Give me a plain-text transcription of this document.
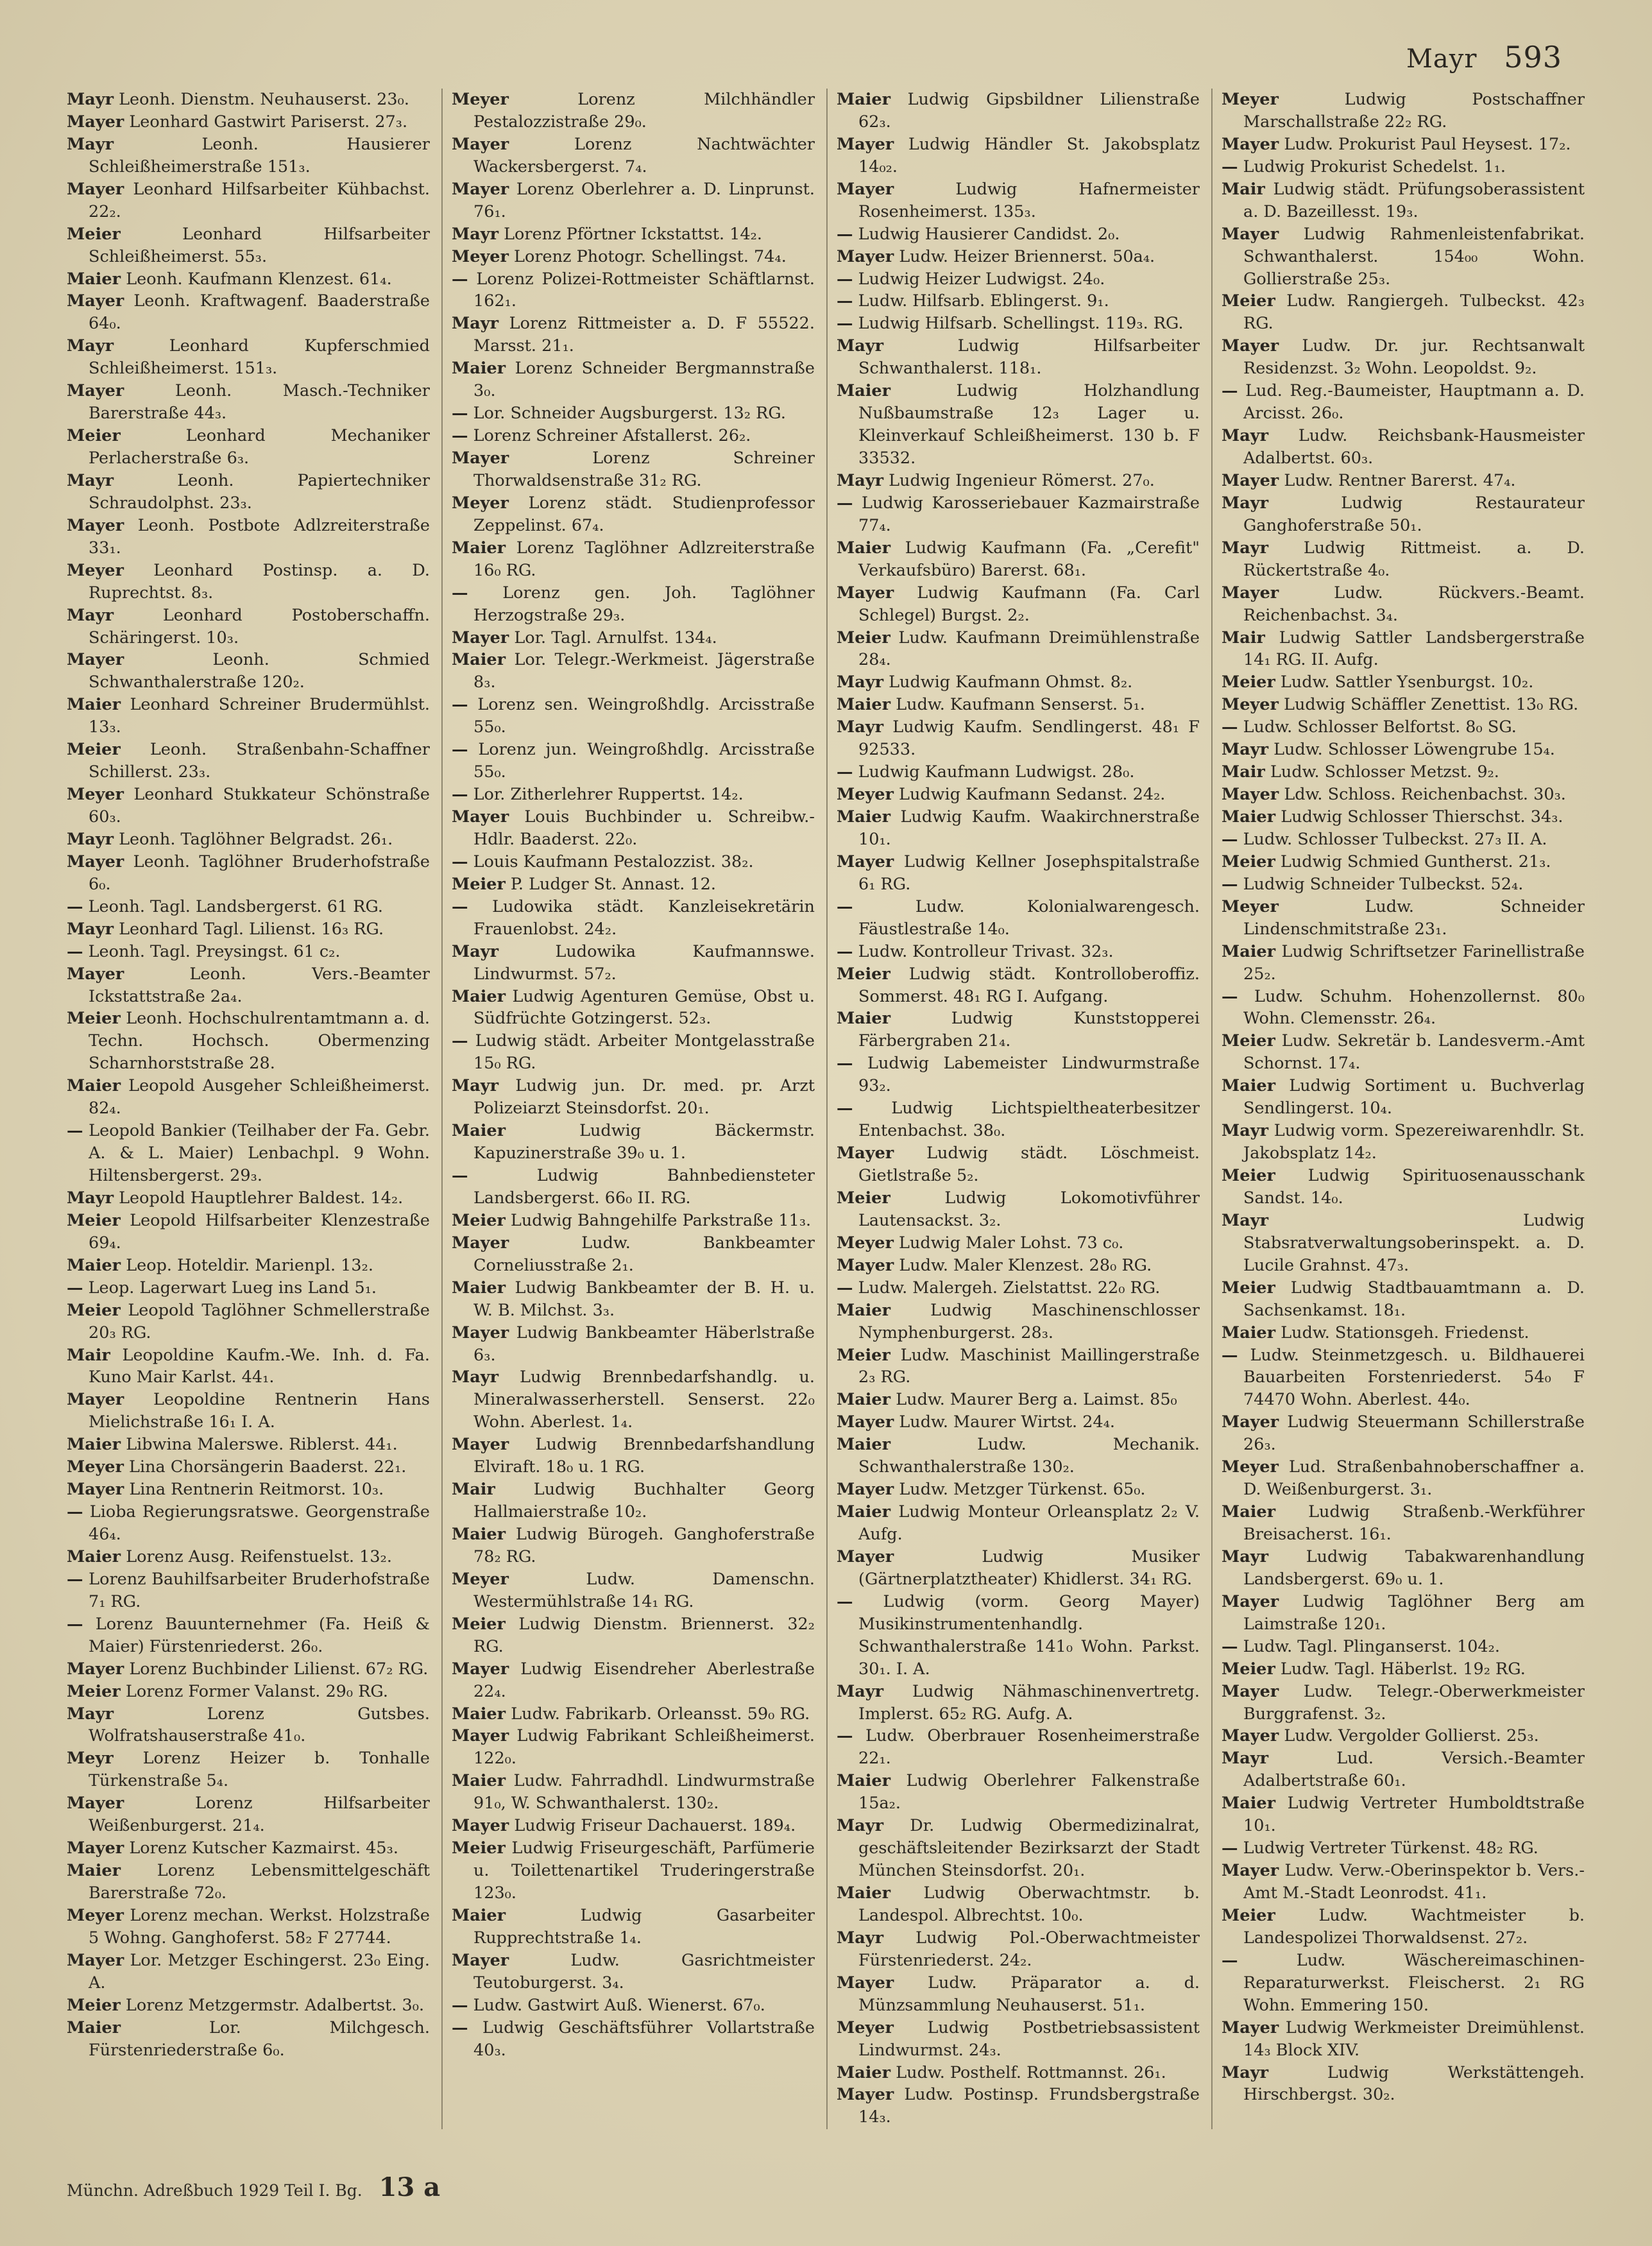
Mayr 593

Mayr Leonh. Dienstm. Neuhauserst. 23₀.

Mayer Leonhard Gastwirt Pariserst. 27₃.

Mayr	Leonh. Hausierer Schleißheimerstraße 151₃.

Mayer Leonhard Hilfsarbeiter Kühbachst. 22₂.

Meier	Leonhard Hilfsarbeiter Schleißheimerst. 55₃.

Maier Leonh. Kaufmann Klenzest. 61₄.

Mayer Leonh. Kraftwagenf. Baaderstraße 64₀.

Mayr	Leonhard Kupferschmied Schleißheimerst. 151₃.

Mayer	Leonh. Masch.-Techniker Barerstraße 44₃.

Meier	Leonhard Mechaniker Perlacherstraße 6₃.

Mayr	Leonh. Papiertechniker Schraudolphst. 23₃.

Mayer Leonh. Postbote Adlzreiterstraße 33₁.

Meyer Leonhard Postinsp. a. D. Ruprechtst. 8₃.

Mayr	Leonhard Postoberschaffn. Schäringerst. 10₃.

Mayer	Leonh. Schmied Schwanthalerstraße 120₂.

Maier Leonhard Schreiner Brudermühlst. 13₃.

Meier Leonh. Straßenbahn-Schaffner Schillerst. 23₃.

Meyer Leonhard Stukkateur Schönstraße 60₃.

Mayr Leonh. Taglöhner Belgradst. 26₁.

Mayer Leonh. Taglöhner Bruderhofstraße 6₀.

— Leonh. Tagl. Landsbergerst. 61 RG.

Mayr Leonhard Tagl. Lilienst. 16₃ RG.

— Leonh. Tagl. Preysingst. 61 c₂.

Mayer	Leonh. Vers.-Beamter Ickstattstraße 2a₄.

Meier Leonh. Hochschulrentamtmann a. d. Techn. Hochsch. Obermenzing Scharnhorststraße 28.

Maier Leopold Ausgeher Schleißheimerst. 82₄.

— Leopold Bankier (Teilhaber der Fa. Gebr. A. & L. Maier) Lenbachpl. 9 Wohn. Hiltensbergerst. 29₃.

Mayr Leopold Hauptlehrer Baldest. 14₂.

Meier Leopold Hilfsarbeiter Klenzestraße 69₄.

Maier Leop. Hoteldir. Marienpl. 13₂.

— Leop. Lagerwart Lueg ins Land 5₁.

Meier Leopold Taglöhner Schmellerstraße 20₃ RG.

Mair Leopoldine Kaufm.-We. Inh. d. Fa. Kuno Mair Karlst. 44₁.

Mayer Leopoldine Rentnerin Hans Mielichstraße 16₁ I. A.

Maier Libwina Malerswe. Riblerst. 44₁.

Meyer Lina Chorsängerin Baaderst. 22₁.

Mayer Lina Rentnerin Reitmorst. 10₃.

— Lioba Regierungsratswe. Georgenstraße 46₄.

Maier Lorenz Ausg. Reifenstuelst. 13₂.

— Lorenz Bauhilfsarbeiter Bruderhofstraße 7₁ RG.

— Lorenz Bauunternehmer (Fa. Heiß & Maier) Fürstenriederst. 26₀.

Mayer Lorenz Buchbinder Lilienst. 67₂ RG.

Meier Lorenz Former Valanst. 29₀ RG.

Mayr	Lorenz Gutsbes. Wolfratshauserstraße 41₀.

Meyr Lorenz Heizer b. Tonhalle Türkenstraße 5₄.

Mayer	Lorenz Hilfsarbeiter Weißenburgerst. 21₄.

Mayer Lorenz Kutscher Kazmairst. 45₃.

Maier Lorenz Lebensmittelgeschäft Barerstraße 72₀.

Meyer Lorenz mechan. Werkst. Holzstraße 5 Wohng. Ganghoferst. 58₂ F 27744.

Mayer Lor. Metzger Eschingerst. 23₀ Eing. A.

Meier Lorenz Metzgermstr. Adalbertst. 3₀.

Maier	Lor. Milchgesch. Fürstenriederstraße 6₀.

Meyer	Lorenz Milchhändler Pestalozzistraße 29₀.

Mayer	Lorenz Nachtwächter Wackersbergerst. 7₄.

Mayer Lorenz Oberlehrer a. D. Linprunst. 76₁.

Mayr Lorenz Pförtner Ickstattst. 14₂.

Meyer Lorenz Photogr. Schellingst. 74₄.

— Lorenz Polizei-Rottmeister Schäftlarnst. 162₁.

Mayr Lorenz Rittmeister a. D. F 55522. Marsst. 21₁.

Maier Lorenz Schneider Bergmannstraße 3₀.

— Lor. Schneider Augsburgerst. 13₂ RG.

— Lorenz Schreiner Afstallerst. 26₂.

Mayer	Lorenz Schreiner Thorwaldsenstraße 31₂ RG.

Meyer Lorenz städt. Studienprofessor Zeppelinst. 67₄.

Maier Lorenz Taglöhner Adlzreiterstraße 16₀ RG.

— Lorenz gen. Joh. Taglöhner Herzogstraße 29₃.

Mayer Lor. Tagl. Arnulfst. 134₄.

Maier Lor. Telegr.-Werkmeist. Jägerstraße 8₃.

— Lorenz sen. Weingroßhdlg. Arcisstraße 55₀.

— Lorenz jun. Weingroßhdlg. Arcisstraße 55₀.

— Lor. Zitherlehrer Ruppertst. 14₂.

Mayer Louis Buchbinder u. Schreibw.-Hdlr. Baaderst. 22₀.

— Louis Kaufmann Pestalozzist. 38₂.

Meier P. Ludger St. Annast. 12.

— Ludowika städt. Kanzleisekretärin Frauenlobst. 24₂.

Mayr	Ludowika Kaufmannswe. Lindwurmst. 57₂.

Maier Ludwig Agenturen Gemüse, Obst u. Südfrüchte Gotzingerst. 52₃.

— Ludwig städt. Arbeiter Montgelasstraße 15₀ RG.

Mayr Ludwig jun. Dr. med. pr. Arzt Polizeiarzt Steinsdorfst. 20₁.

Maier	Ludwig Bäckermstr. Kapuzinerstraße 39₀ u. 1.

—	Ludwig Bahnbediensteter Landsbergerst. 66₀ II. RG.

Meier Ludwig Bahngehilfe Parkstraße 11₃.

Mayer	Ludw. Bankbeamter Corneliusstraße 2₁.

Maier Ludwig Bankbeamter der B. H. u. W. B. Milchst. 3₃.

Mayer Ludwig Bankbeamter Häberlstraße 6₃.

Mayr Ludwig Brennbedarfshandlg. u. Mineralwasserherstell. Senserst. 22₀ Wohn. Aberlest. 1₄.

Mayer Ludwig Brennbedarfshandlung Elviraft. 18₀ u. 1 RG.

Mair Ludwig Buchhalter Georg Hallmaierstraße 10₂.

Maier Ludwig Bürogeh. Ganghoferstraße 78₂ RG.

Meyer	Ludw. Damenschn. Westermühlstraße 14₁ RG.

Meier Ludwig Dienstm. Briennerst. 32₂ RG.

Mayer Ludwig Eisendreher Aberlestraße 22₄.

Maier Ludw. Fabrikarb. Orleansst. 59₀ RG.

Mayer Ludwig Fabrikant Schleißheimerst. 122₀.

Maier Ludw. Fahrradhdl. Lindwurmstraße 91₀, W. Schwanthalerst. 130₂.

Mayer Ludwig Friseur Dachauerst. 189₄.

Meier Ludwig Friseurgeschäft, Parfümerie u. Toilettenartikel Truderingerstraße 123₀.

Maier	Ludwig Gasarbeiter Rupprechtstraße 1₄.

Mayer	Ludw. Gasrichtmeister Teutoburgerst. 3₄.

— Ludw. Gastwirt Auß. Wienerst. 67₀.

— Ludwig Geschäftsführer Vollartstraße 40₃.

Maier Ludwig Gipsbildner Lilienstraße 62₃.

Mayer Ludwig Händler St. Jakobsplatz 14₀₂.

Mayer	Ludwig Hafnermeister Rosenheimerst. 135₃.

— Ludwig Hausierer Candidst. 2₀.

Mayer Ludw. Heizer Briennerst. 50a₄.

— Ludwig Heizer Ludwigst. 24₀.

— Ludw. Hilfsarb. Eblingerst. 9₁.

— Ludwig Hilfsarb. Schellingst. 119₃. RG.

Mayr	Ludwig Hilfsarbeiter Schwanthalerst. 118₁.

Maier	Ludwig Holzhandlung Nußbaumstraße 12₃ Lager u. Kleinverkauf Schleißheimerst. 130 b. F 33532.

Mayr Ludwig Ingenieur Römerst. 27₀.

— Ludwig Karosseriebauer Kazmairstraße 77₄.

Maier Ludwig Kaufmann (Fa. „Cerefit" Verkaufsbüro) Barerst. 68₁.

Mayer Ludwig Kaufmann (Fa. Carl Schlegel) Burgst. 2₂.

Meier Ludw. Kaufmann Dreimühlenstraße 28₄.

Mayr Ludwig Kaufmann Ohmst. 8₂.

Maier Ludw. Kaufmann Senserst. 5₁.

Mayr Ludwig Kaufm. Sendlingerst. 48₁ F 92533.

— Ludwig Kaufmann Ludwigst. 28₀.

Meyer Ludwig Kaufmann Sedanst. 24₂.

Maier Ludwig Kaufm. Waakirchnerstraße 10₁.

Mayer Ludwig Kellner Josephspitalstraße 6₁ RG.

—	Ludw. Kolonialwarengesch. Fäustlestraße 14₀.

— Ludw. Kontrolleur Trivast. 32₃.

Meier Ludwig städt. Kontrolloberoffiz. Sommerst. 48₁ RG I. Aufgang.

Maier	Ludwig Kunststopperei Färbergraben 21₄.

— Ludwig Labemeister Lindwurmstraße 93₂.

— Ludwig Lichtspieltheaterbesitzer Entenbachst. 38₀.

Mayer Ludwig städt. Löschmeist. Gietlstraße 5₂.

Meier	Ludwig Lokomotivführer Lautensackst. 3₂.

Meyer Ludwig Maler Lohst. 73 c₀.

Mayer Ludw. Maler Klenzest. 28₀ RG.

— Ludw. Malergeh. Zielstattst. 22₀ RG.

Maier Ludwig Maschinenschlosser Nymphenburgerst. 28₃.

Meier Ludw. Maschinist Maillingerstraße 2₃ RG.

Maier Ludw. Maurer Berg a. Laimst. 85₀

Mayer Ludw. Maurer Wirtst. 24₄.

Maier	Ludw. Mechanik. Schwanthalerstraße 130₂.

Mayer Ludw. Metzger Türkenst. 65₀.

Maier Ludwig Monteur Orleansplatz 2₂ V. Aufg.

Mayer	Ludwig Musiker (Gärtnerplatztheater) Khidlerst. 34₁ RG.

— Ludwig (vorm. Georg Mayer) Musikinstrumentenhandlg. Schwanthalerstraße 141₀ Wohn. Parkst. 30₁. I. A.

Mayr Ludwig Nähmaschinenvertretg. Implerst. 65₂ RG. Aufg. A.

— Ludw. Oberbrauer Rosenheimerstraße 22₁.

Maier Ludwig Oberlehrer Falkenstraße 15a₂.

Mayr Dr. Ludwig Obermedizinalrat, geschäftsleitender Bezirksarzt der Stadt München Steinsdorfst. 20₁.

Maier Ludwig Oberwachtmstr. b. Landespol. Albrechtst. 10₀.

Mayr Ludwig Pol.-Oberwachtmeister Fürstenriederst. 24₂.

Mayer Ludw. Präparator a. d. Münzsammlung Neuhauserst. 51₁.

Meyer Ludwig Postbetriebsassistent Lindwurmst. 24₃.

Maier Ludw. Posthelf. Rottmannst. 26₁.

Mayer Ludw. Postinsp. Frundsbergstraße 14₃.

Meyer	Ludwig Postschaffner Marschallstraße 22₂ RG.

Mayer Ludw. Prokurist Paul Heysest. 17₂.

— Ludwig Prokurist Schedelst. 1₁.

Mair Ludwig städt. Prüfungsoberassistent a. D. Bazeillesst. 19₃.

Mayer Ludwig Rahmenleistenfabrikat. Schwanthalerst. 154₀₀ Wohn. Gollierstraße 25₃.

Meier Ludw. Rangiergeh. Tulbeckst. 42₃ RG.

Mayer Ludw. Dr. jur. Rechtsanwalt Residenzst. 3₂ Wohn. Leopoldst. 9₂.

— Lud. Reg.-Baumeister, Hauptmann a. D. Arcisst. 26₀.

Mayr Ludw. Reichsbank-Hausmeister Adalbertst. 60₃.

Mayer Ludw. Rentner Barerst. 47₄.

Mayr	Ludwig Restaurateur Ganghoferstraße 50₁.

Mayr Ludwig Rittmeist. a. D. Rückertstraße 4₀.

Mayer	Ludw. Rückvers.-Beamt. Reichenbachst. 3₄.

Mair Ludwig Sattler Landsbergerstraße 14₁ RG. II. Aufg.

Meier Ludw. Sattler Ysenburgst. 10₂.

Meyer Ludwig Schäffler Zenettist. 13₀ RG.

— Ludw. Schlosser Belfortst. 8₀ SG.

Mayr Ludw. Schlosser Löwengrube 15₄.

Mair Ludw. Schlosser Metzst. 9₂.

Mayer Ldw. Schloss. Reichenbachst. 30₃.

Maier Ludwig Schlosser Thierschst. 34₃.

— Ludw. Schlosser Tulbeckst. 27₃ II. A.

Meier Ludwig Schmied Guntherst. 21₃.

— Ludwig Schneider Tulbeckst. 52₄.

Meyer	Ludw. Schneider Lindenschmitstraße 23₁.

Maier Ludwig Schriftsetzer Farinellistraße 25₂.

— Ludw. Schuhm. Hohenzollernst. 80₀ Wohn. Clemensstr. 26₄.

Meier Ludw. Sekretär b. Landesverm.-Amt Schornst. 17₄.

Maier Ludwig Sortiment u. Buchverlag Sendlingerst. 10₄.

Mayr Ludwig vorm. Spezereiwarenhdlr. St. Jakobsplatz 14₂.

Meier Ludwig Spirituosenausschank Sandst. 14₀.

Mayr	Ludwig Stabsratverwaltungsoberinspekt. a. D. Lucile Grahnst. 47₃.

Meier Ludwig Stadtbauamtmann a. D. Sachsenkamst. 18₁.

Maier Ludw. Stationsgeh. Friedenst.

— Ludw. Steinmetzgesch. u. Bildhauerei Bauarbeiten Forstenriederst. 54₀ F 74470 Wohn. Aberlest. 44₀.

Mayer Ludwig Steuermann Schillerstraße 26₃.

Meyer Lud. Straßenbahnoberschaffner a. D. Weißenburgerst. 3₁.

Maier Ludwig Straßenb.-Werkführer Breisacherst. 16₁.

Mayr Ludwig Tabakwarenhandlung Landsbergerst. 69₀ u. 1.

Mayer Ludwig Taglöhner Berg am Laimstraße 120₁.

— Ludw. Tagl. Plinganserst. 104₂.

Meier Ludw. Tagl. Häberlst. 19₂ RG.

Mayer Ludw. Telegr.-Oberwerkmeister Burggrafenst. 3₂.

Mayer Ludw. Vergolder Gollierst. 25₃.

Mayr	Lud. Versich.-Beamter Adalbertstraße 60₁.

Maier Ludwig Vertreter Humboldtstraße 10₁.

— Ludwig Vertreter Türkenst. 48₂ RG.

Mayer Ludw. Verw.-Oberinspektor b. Vers.-Amt M.-Stadt Leonrodst. 41₁.

Meier	Ludw. Wachtmeister b. Landespolizei Thorwaldsenst. 27₂.

—	Ludw. Wäschereimaschinen-Reparaturwerkst. Fleischerst. 2₁ RG Wohn. Emmering 150.

Mayer Ludwig Werkmeister Dreimühlenst. 14₃ Block XIV.

Mayr	Ludwig Werkstättengeh. Hirschbergst. 30₂.

Münchn. Adreßbuch 1929 Teil I. Bg. 13 a
